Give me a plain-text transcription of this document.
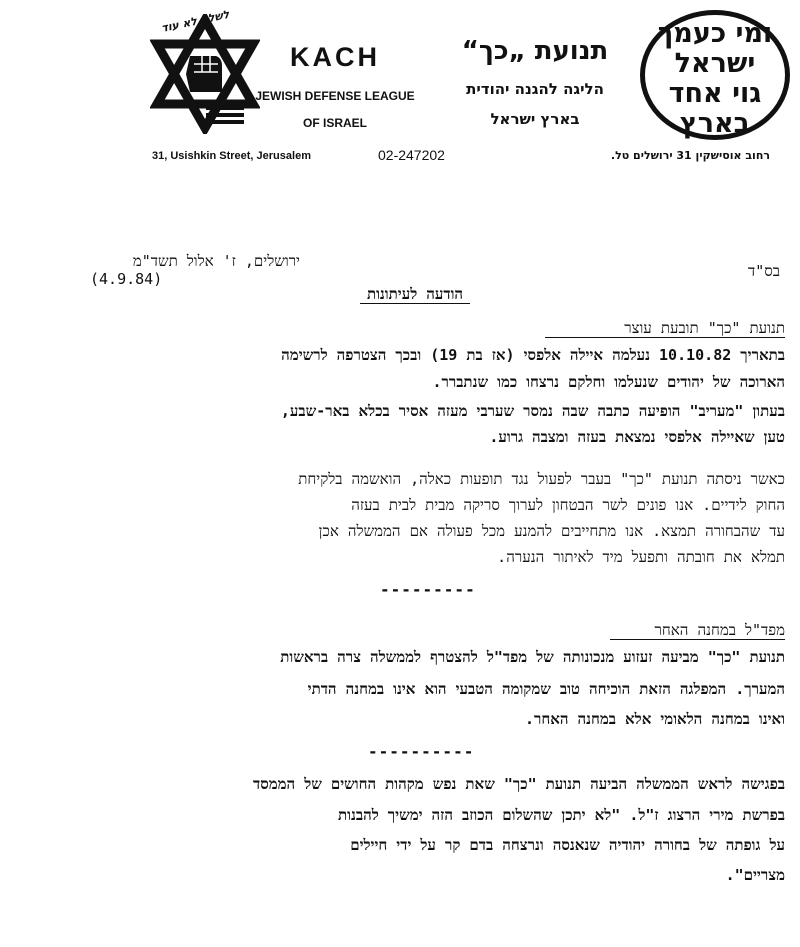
ומי כעמך
ישראל
גוי אחד
בארץ
תנועת „כך“
הליגה להגנה יהודית
בארץ ישראל
KACH
JEWISH DEFENSE LEAGUE
OF ISRAEL
לשלם לא עוד
31, Usishkin Street, Jerusalem	02-247202	רחוב אוסישקין 31 ירושלים טל.
בס"ד
ירושלים, ז' אלול תשד"מ
(4.9.84)
הודעה לעיתונות
תנועת "כך" תובעת עוצר
בתאריך 10.10.82 נעלמה איילה אלפסי (אז בת 19) ובכך הצטרפה לרשימה
הארוכה של יהודים שנעלמו וחלקם נרצחו כמו שנתברר.
בעתון "מעריב" הופיעה כתבה שבה נמסר שערבי מעזה אסיר בכלא באר-שבע,
טען שאיילה אלפסי נמצאת בעזה ומצבה גרוע.
כאשר ניסתה תנועת "כך" בעבר לפעול נגד תופעות כאלה, הואשמה בלקיחת
החוק לידיים. אנו פונים לשר הבטחון לערוך סריקה מבית לבית בעזה
עד שהבחורה תמצא. אנו מתחייבים להמנע מכל פעולה אם הממשלה אכן
תמלא את חובתה ותפעל מיד לאיתור הנערה.
---------
מפד"ל במחנה האחר
תנועת "כך" מביעה זעזוע מנכונותה של מפד"ל להצטרף לממשלה צרה בראשות
המערך. המפלגה הזאת הוכיחה טוב שמקומה הטבעי הוא אינו במחנה הדתי
ואינו במחנה הלאומי אלא במחנה האחר.
----------
בפגישה לראש הממשלה הביעה תנועת "כך" שאת נפש מקהות החושים של הממסד
בפרשת מירי הרצוג ז"ל. "לא יתכן שהשלום הכוזב הזה ימשיך להבנות
על גופתה של בחורה יהודיה שנאנסה ונרצחה בדם קר על ידי חיילים
מצריים".
